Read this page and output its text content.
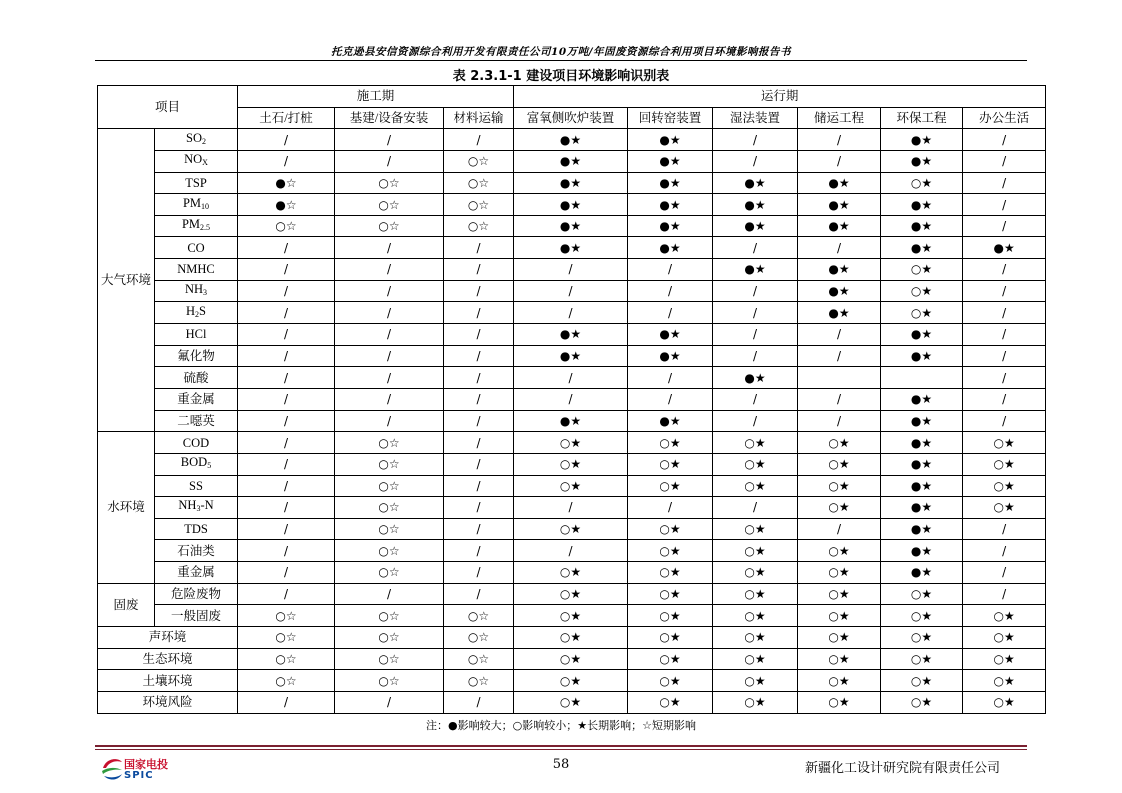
托克逊县安信资源综合利用开发有限责任公司10万吨/年固废资源综合利用项目环境影响报告书
表 2.3.1-1 建设项目环境影响识别表
项目		施工期			运行期					
		土石/打桩	基建/设备安装	材料运输	富氧侧吹炉装置	回转窑装置	湿法装置	储运工程	环保工程	办公生活
大气环境	$SO_2$	/	/	/	●★	●★	/	/	●★	/
	$NO_X$	/	/	○☆	●★	●★	/	/	●★	/
	TSP	●☆	○☆	○☆	●★	●★	●★	●★	○★	/
	$PM_{10}$	●☆	○☆	○☆	●★	●★	●★	●★	●★	/
	$PM_{2.5}$	○☆	○☆	○☆	●★	●★	●★	●★	●★	/
	CO	/	/	/	●★	●★	/	/	●★	●★
	NMHC	/	/	/	/	/	●★	●★	○★	/
	$NH_3$	/	/	/	/	/	/	●★	○★	/
	$H_2S$	/	/	/	/	/	/	●★	○★	/
	HCl	/	/	/	●★	●★	/	/	●★	/
	氟化物	/	/	/	●★	●★	/	/	●★	/
	硫酸	/	/	/	/	/	●★			/
	重金属	/	/	/	/	/	/	/	●★	/
	二噁英	/	/	/	●★	●★	/	/	●★	/
水环境	COD	/	○☆	/	○★	○★	○★	○★	●★	○★
	$BOD_5$	/	○☆	/	○★	○★	○★	○★	●★	○★
	SS	/	○☆	/	○★	○★	○★	○★	●★	○★
	$NH_3-N$	/	○☆	/	/	/	/	○★	●★	○★
	TDS	/	○☆	/	○★	○★	○★	/	●★	/
	石油类	/	○☆	/	/	○★	○★	○★	●★	/
	重金属	/	○☆	/	○★	○★	○★	○★	●★	/
固废	危险废物	/	/	/	○★	○★	○★	○★	○★	/
	一般固废	○☆	○☆	○☆	○★	○★	○★	○★	○★	○★
声环境		○☆	○☆	○☆	○★	○★	○★	○★	○★	○★
生态环境		○☆	○☆	○☆	○★	○★	○★	○★	○★	○★
土壤环境		○☆	○☆	○☆	○★	○★	○★	○★	○★	○★
环境风险		/	/	/	○★	○★	○★	○★	○★	○★
注：●影响较大；○影响较小；★长期影响；☆短期影响
国家电投
SPIC
58	新疆化工设计研究院有限责任公司
